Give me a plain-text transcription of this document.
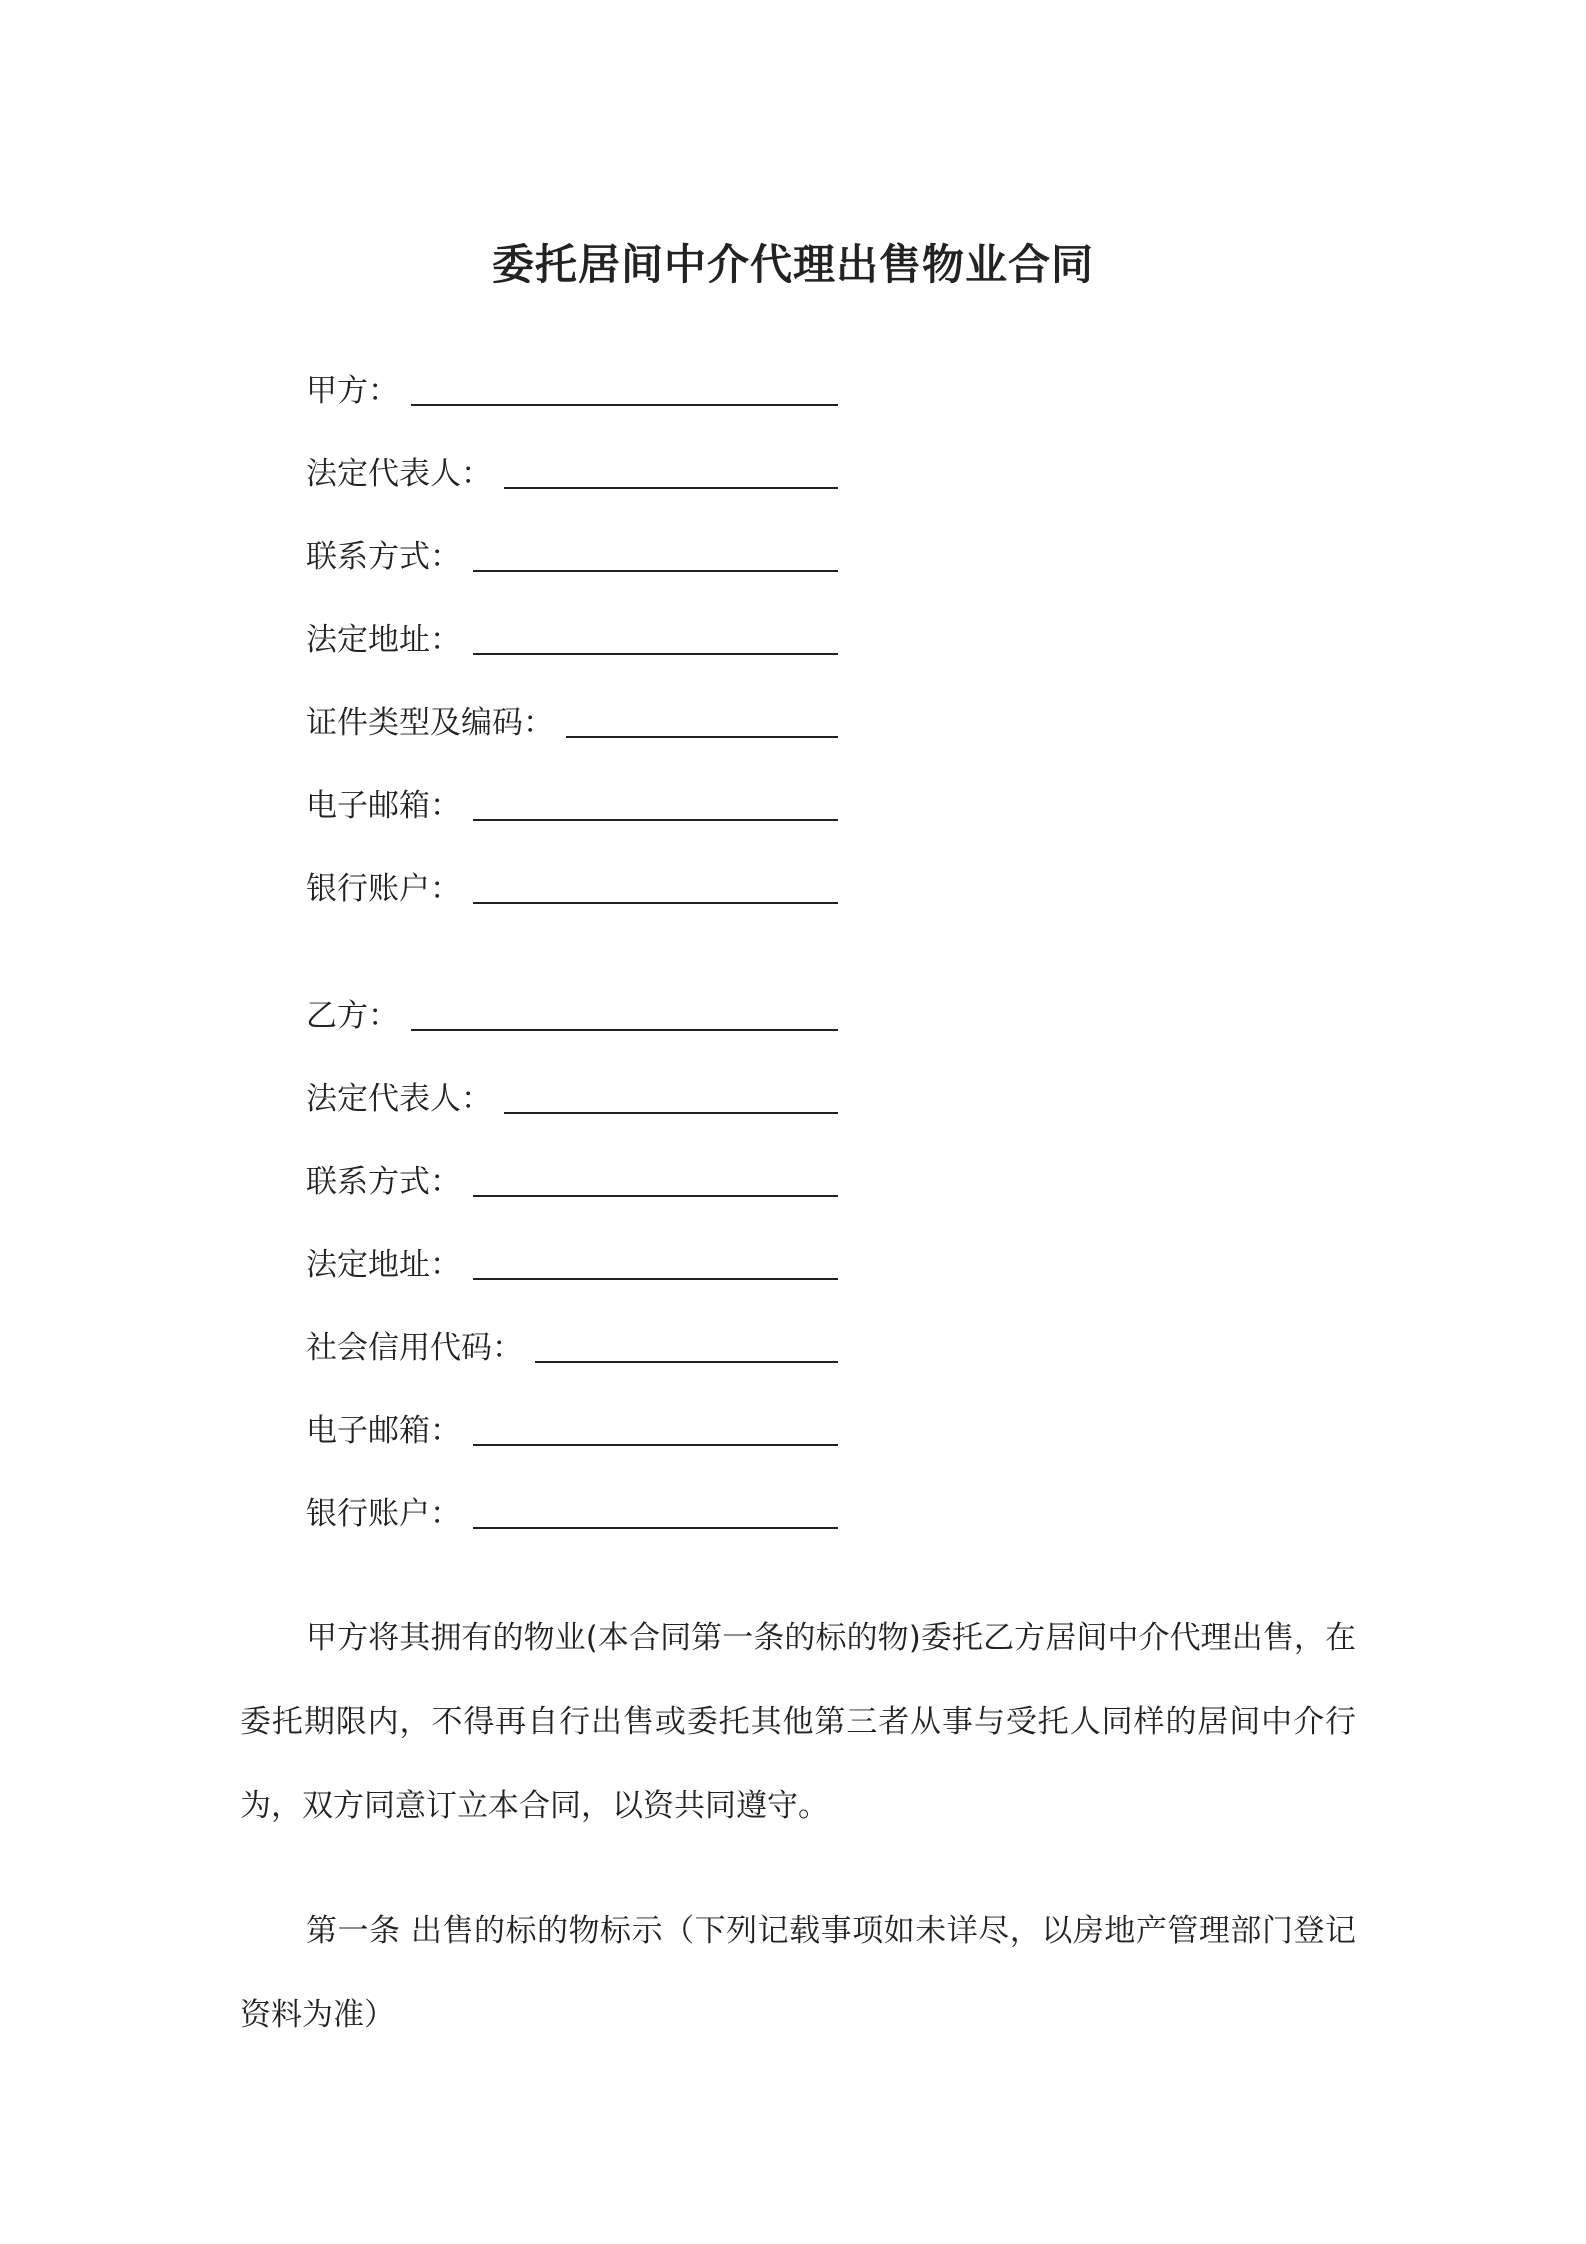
委托居间中介代理出售物业合同
甲方：
法定代表人：
联系方式：
法定地址：
证件类型及编码：
电子邮箱：
银行账户：
乙方：
法定代表人：
联系方式：
法定地址：
社会信用代码：
电子邮箱：
银行账户：

甲方将其拥有的物业(本合同第一条的标的物)委托乙方居间中介代理出售，在委托期限内，不得再自行出售或委托其他第三者从事与受托人同样的居间中介行为，双方同意订立本合同，以资共同遵守。

第一条 出售的标的物标示（下列记载事项如未详尽，以房地产管理部门登记资料为准）
